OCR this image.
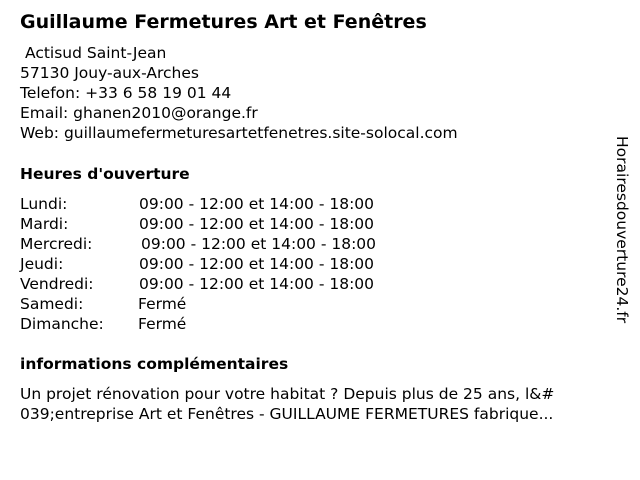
Guillaume Fermetures Art et Fenêtres
Actisud Saint-Jean
57130 Jouy-aux-Arches
Telefon: +33 6 58 19 01 44
Email: ghanen2010@orange.fr
Web: guillaumefermeturesartetfenetres.site-solocal.com
Heures d'ouverture
Lundi:	09:00 - 12:00 et 14:00 - 18:00
Mardi:	09:00 - 12:00 et 14:00 - 18:00
Mercredi:	09:00 - 12:00 et 14:00 - 18:00
Jeudi:	09:00 - 12:00 et 14:00 - 18:00
Vendredi:	09:00 - 12:00 et 14:00 - 18:00
Samedi:	Fermé
Dimanche: Fermé
informations complémentaires
Un projet rénovation pour votre habitat ? Depuis plus de 25 ans, l&#
039;entreprise Art et Fenêtres - GUILLAUME FERMETURES fabrique...
Horairesdouverture24.fr
